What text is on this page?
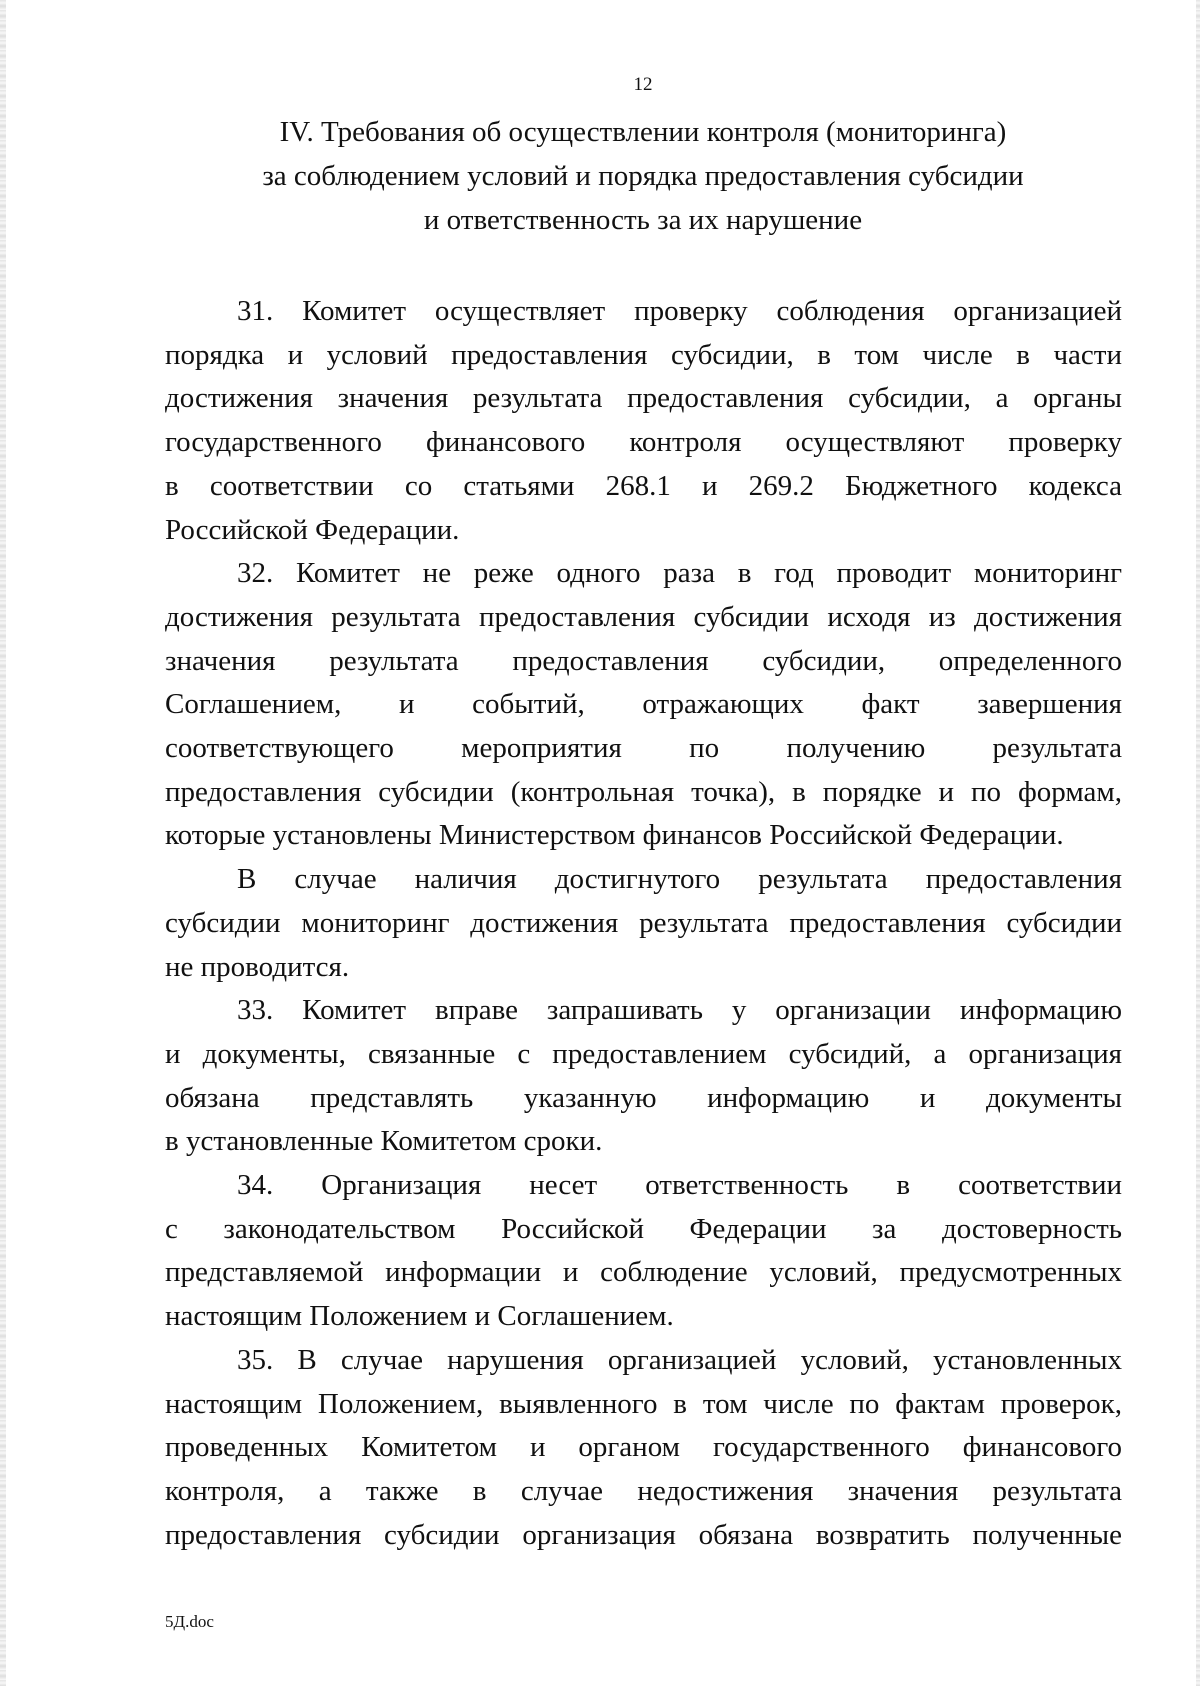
12
IV. Требования об осуществлении контроля (мониторинга)
за соблюдением условий и порядка предоставления субсидии
и ответственность за их нарушение
31. Комитет осуществляет проверку соблюдения организацией
порядка и условий предоставления субсидии, в том числе в части
достижения значения результата предоставления субсидии, а органы
государственного финансового контроля осуществляют проверку
в соответствии со статьями 268.1 и 269.2 Бюджетного кодекса
Российской Федерации.
32. Комитет не реже одного раза в год проводит мониторинг
достижения результата предоставления субсидии исходя из достижения
значения результата предоставления субсидии, определенного
Соглашением, и событий, отражающих факт завершения
соответствующего мероприятия по получению результата
предоставления субсидии (контрольная точка), в порядке и по формам,
которые установлены Министерством финансов Российской Федерации.
В случае наличия достигнутого результата предоставления
субсидии мониторинг достижения результата предоставления субсидии
не проводится.
33. Комитет вправе запрашивать у организации информацию
и документы, связанные с предоставлением субсидий, а организация
обязана представлять указанную информацию и документы
в установленные Комитетом сроки.
34. Организация несет ответственность в соответствии
с законодательством Российской Федерации за достоверность
представляемой информации и соблюдение условий, предусмотренных
настоящим Положением и Соглашением.
35. В случае нарушения организацией условий, установленных
настоящим Положением, выявленного в том числе по фактам проверок,
проведенных Комитетом и органом государственного финансового
контроля, а также в случае недостижения значения результата
предоставления субсидии организация обязана возвратить полученные
5Д.doc
